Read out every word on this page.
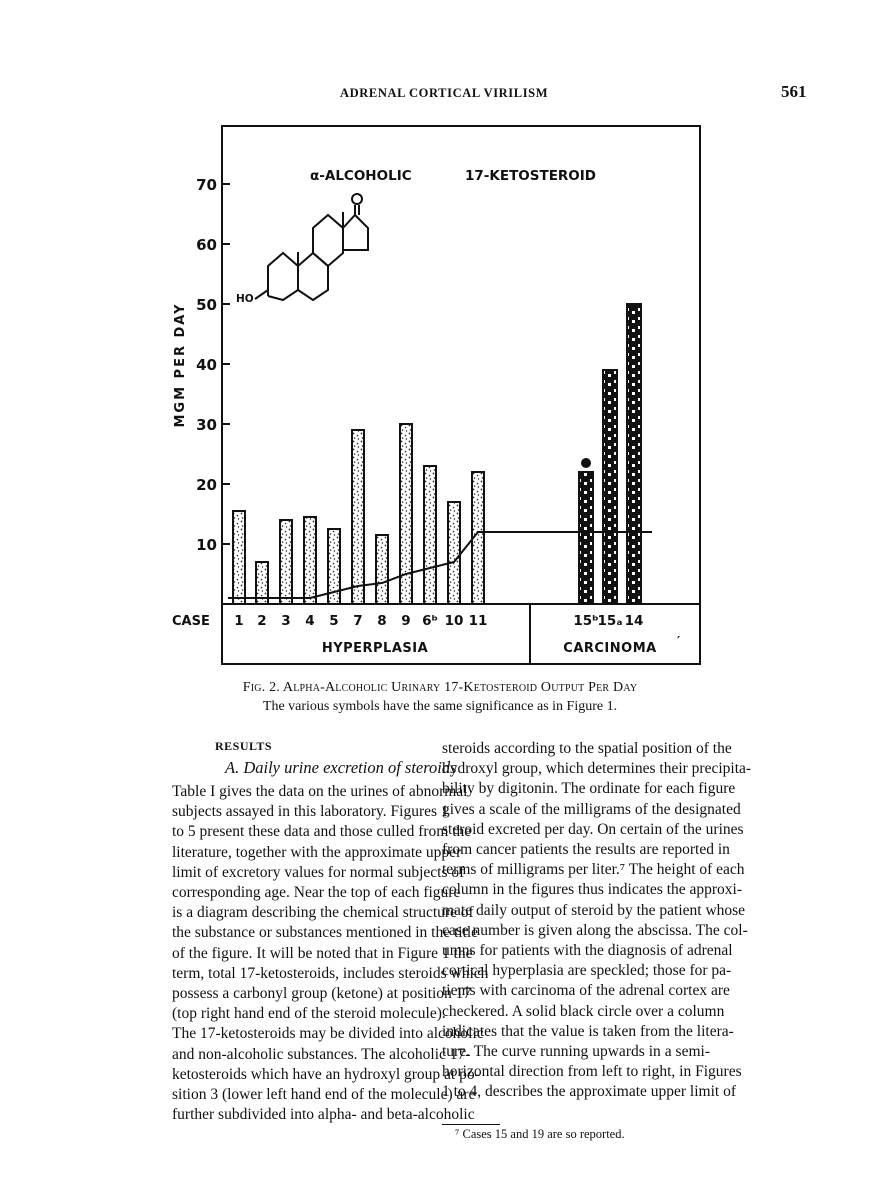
ADRENAL CORTICAL VIRILISM	561
α-ALCOHOLIC	17-KETOSTEROID
HO
MGM PER DAY
10
20
30
40
50
60
70
1 2 3 4 5 7 8 9 6ᵇ 10 11	15ᵇ
15ₐ 14
CASE
HYPERPLASIA	CARCINOMA ′
Fig. 2. Alpha-Alcoholic Urinary 17-Ketosteroid Output Per Day
The various symbols have the same significance as in Figure 1.
RESULTS
A. Daily urine excretion of steroids
Table I gives the data on the urines of abnormal
subjects assayed in this laboratory. Figures 1
to 5 present these data and those culled from the
literature, together with the approximate upper
limit of excretory values for normal subjects of
corresponding age. Near the top of each figure
is a diagram describing the chemical structure of
the substance or substances mentioned in the title
of the figure. It will be noted that in Figure 1 the
term, total 17-ketosteroids, includes steroids which
possess a carbonyl group (ketone) at position 17
(top right hand end of the steroid molecule).
The 17-ketosteroids may be divided into alcoholic
and non-alcoholic substances. The alcoholic 17-
ketosteroids which have an hydroxyl group at po-
sition 3 (lower left hand end of the molecule) are
further subdivided into alpha- and beta-alcoholic
steroids according to the spatial position of the
hydroxyl group, which determines their precipita-
bility by digitonin. The ordinate for each figure
gives a scale of the milligrams of the designated
steroid excreted per day. On certain of the urines
from cancer patients the results are reported in
terms of milligrams per liter.⁷ The height of each
column in the figures thus indicates the approxi-
mate daily output of steroid by the patient whose
case number is given along the abscissa. The col-
umns for patients with the diagnosis of adrenal
cortical hyperplasia are speckled; those for pa-
tients with carcinoma of the adrenal cortex are
checkered. A solid black circle over a column
indicates that the value is taken from the litera-
ture. The curve running upwards in a semi-
horizontal direction from left to right, in Figures
1 to 4, describes the approximate upper limit of
⁷ Cases 15 and 19 are so reported.
